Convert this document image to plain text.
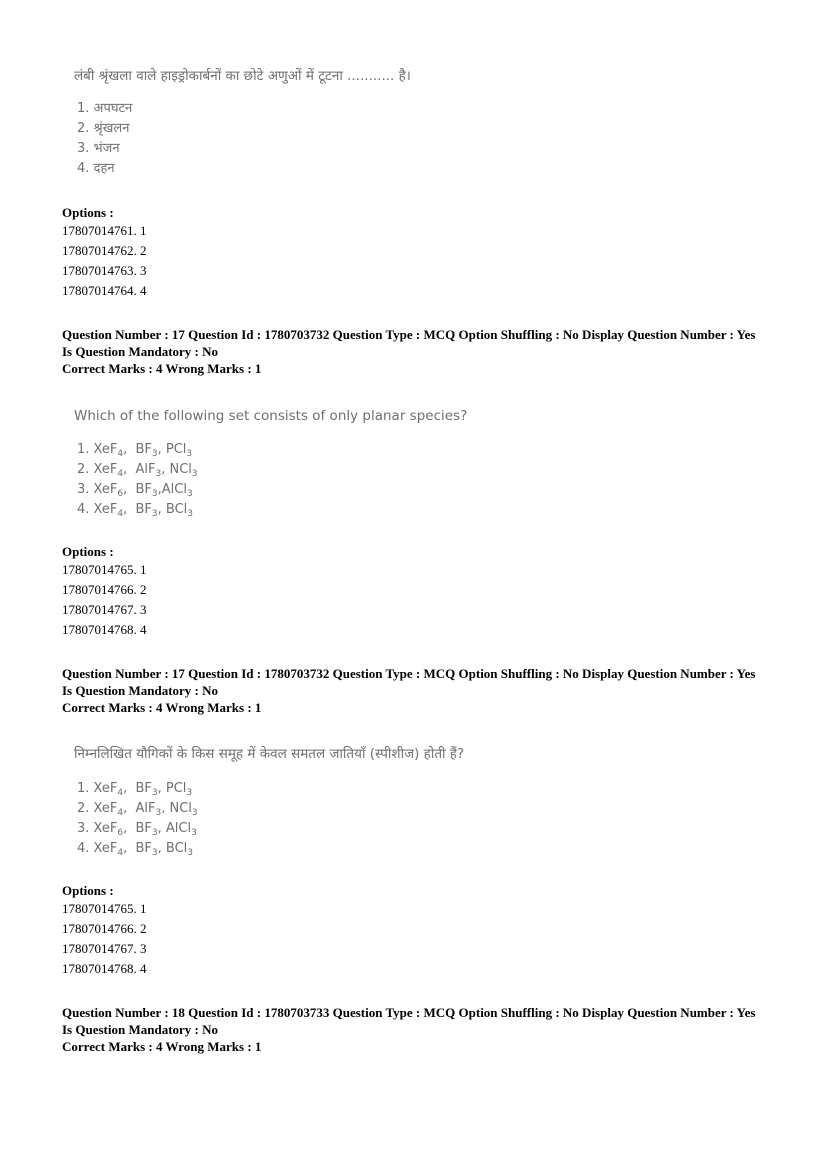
लंबी श्रृंखला वाले हाइड्रोकार्बनों का छोटे अणुओं में टूटना ........... है।
1. अपघटन
2. श्रृंखलन
3. भंजन
4. दहन
Options :
17807014761. 1
17807014762. 2
17807014763. 3
17807014764. 4
Question Number : 17 Question Id : 1780703732 Question Type : MCQ Option Shuffling : No Display Question Number : Yes
Is Question Mandatory : No
Correct Marks : 4 Wrong Marks : 1
Which of the following set consists of only planar species?
1. XeF$_4$,  $BF_3$, PCl$_3$
2. XeF$_4$,  AlF$_3$, NCl$_3$
3. XeF$_6$,  $BF_3,AlCl_3$
4. XeF$_4$,  $BF_3$, BCl$_3$
Options :
17807014765. 1
17807014766. 2
17807014767. 3
17807014768. 4
Question Number : 17 Question Id : 1780703732 Question Type : MCQ Option Shuffling : No Display Question Number : Yes
Is Question Mandatory : No
Correct Marks : 4 Wrong Marks : 1
निम्नलिखित यौगिकों के किस समूह में केवल समतल जातियाँ (स्पीशीज) होती हैं?
1. XeF$_4$,  $BF_3$, PCl$_3$
2. XeF$_4$,  AlF$_3$, NCl$_3$
3. XeF$_6$,  $BF_3$, AlCl$_3$
4. XeF$_4$,  $BF_3$, BCl$_3$
Options :
17807014765. 1
17807014766. 2
17807014767. 3
17807014768. 4
Question Number : 18 Question Id : 1780703733 Question Type : MCQ Option Shuffling : No Display Question Number : Yes
Is Question Mandatory : No
Correct Marks : 4 Wrong Marks : 1
